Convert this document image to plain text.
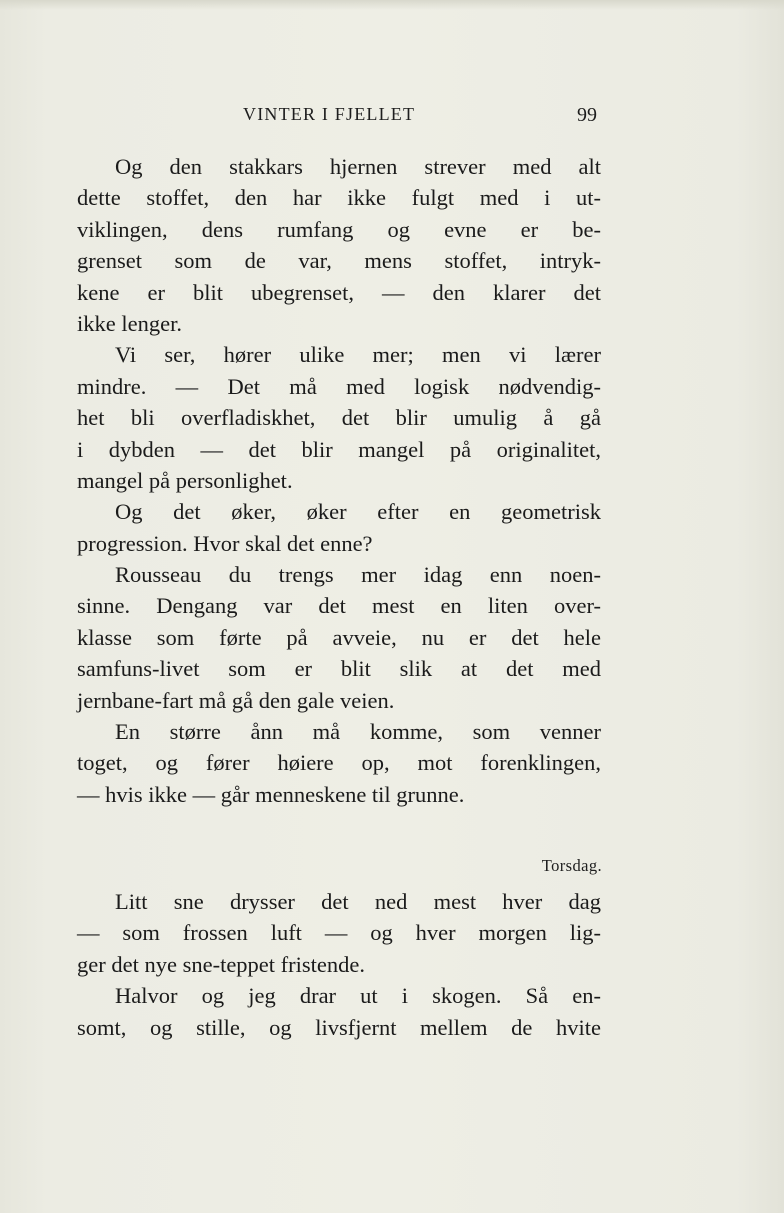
VINTER I FJELLET	99
Og den stakkars hjernen strever med alt
dette stoffet, den har ikke fulgt med i ut-
viklingen, dens rumfang og evne er be-
grenset som de var, mens stoffet, intryk-
kene er blit ubegrenset, — den klarer det
ikke lenger.
Vi ser, hører ulike mer; men vi lærer
mindre. — Det må med logisk nødvendig-
het bli overfladiskhet, det blir umulig å gå
i dybden — det blir mangel på originalitet,
mangel på personlighet.
Og det øker, øker efter en geometrisk
progression. Hvor skal det enne?
Rousseau du trengs mer idag enn noen-
sinne. Dengang var det mest en liten over-
klasse som førte på avveie, nu er det hele
samfuns-livet som er blit slik at det med
jernbane-fart må gå den gale veien.
En større ånn må komme, som venner
toget, og fører høiere op, mot forenklingen,
— hvis ikke — går menneskene til grunne.
Torsdag.
Litt sne drysser det ned mest hver dag
— som frossen luft — og hver morgen lig-
ger det nye sne-teppet fristende.
Halvor og jeg drar ut i skogen. Så en-
somt, og stille, og livsfjernt mellem de hvite
